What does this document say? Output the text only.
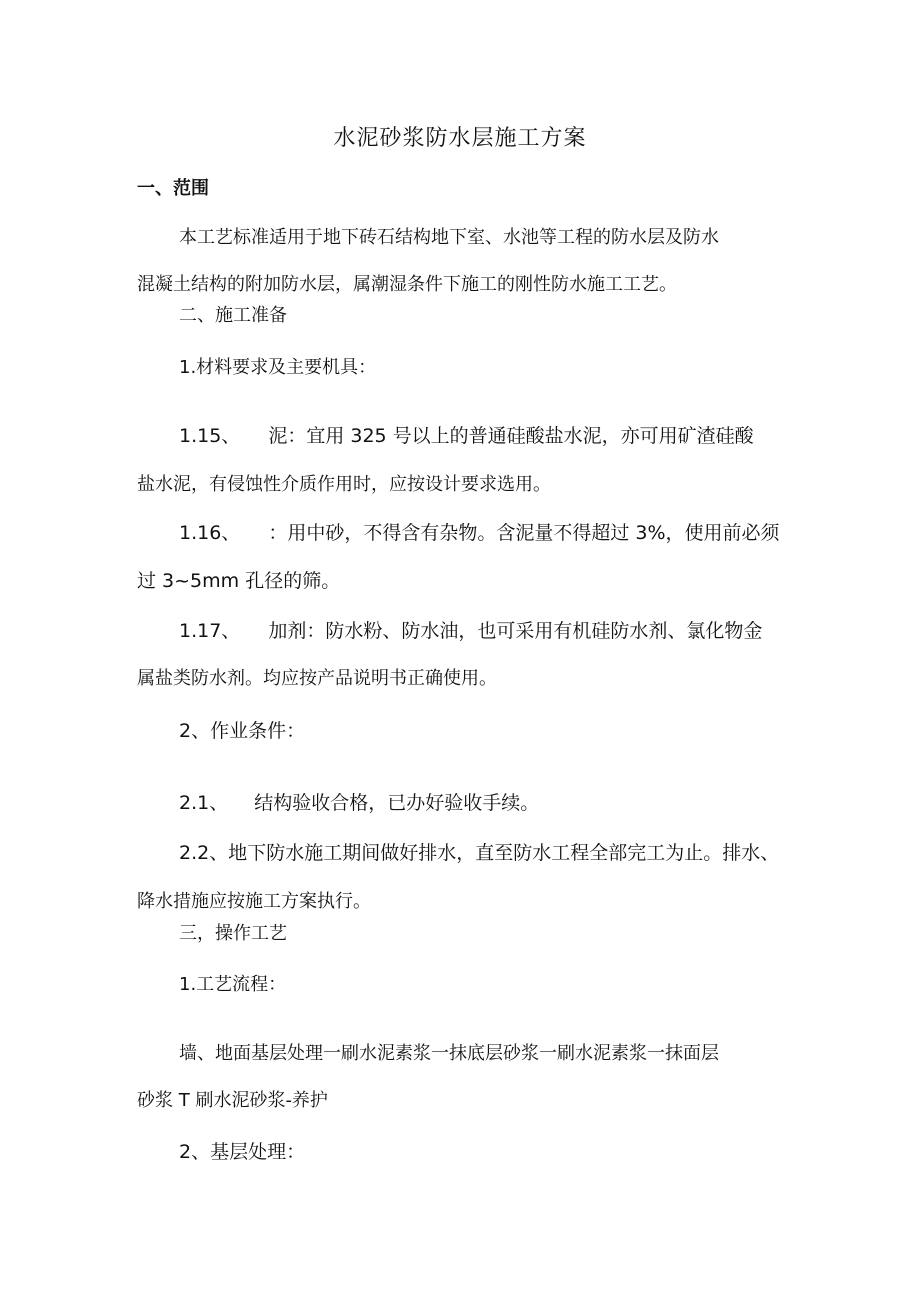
水泥砂浆防水层施工方案
一、范围
本工艺标准适用于地下砖石结构地下室、水池等工程的防水层及防水
混凝土结构的附加防水层，属潮湿条件下施工的刚性防水施工工艺。
二、施工准备
1.材料要求及主要机具：
1.15、 泥：宜用 325 号以上的普通硅酸盐水泥，亦可用矿渣硅酸
盐水泥，有侵蚀性介质作用时，应按设计要求选用。
1.16、 ：用中砂，不得含有杂物。含泥量不得超过 3%，使用前必须
过 3~5mm 孔径的筛。
1.17、 加剂：防水粉、防水油，也可采用有机硅防水剂、氯化物金
属盐类防水剂。均应按产品说明书正确使用。
2、作业条件：
2.1、 结构验收合格，已办好验收手续。
2.2、地下防水施工期间做好排水，直至防水工程全部完工为止。排水、
降水措施应按施工方案执行。
三，操作工艺
1.工艺流程：
墙、地面基层处理一刷水泥素浆一抹底层砂浆一刷水泥素浆一抹面层
砂浆 T 刷水泥砂浆-养护
2、基层处理：
